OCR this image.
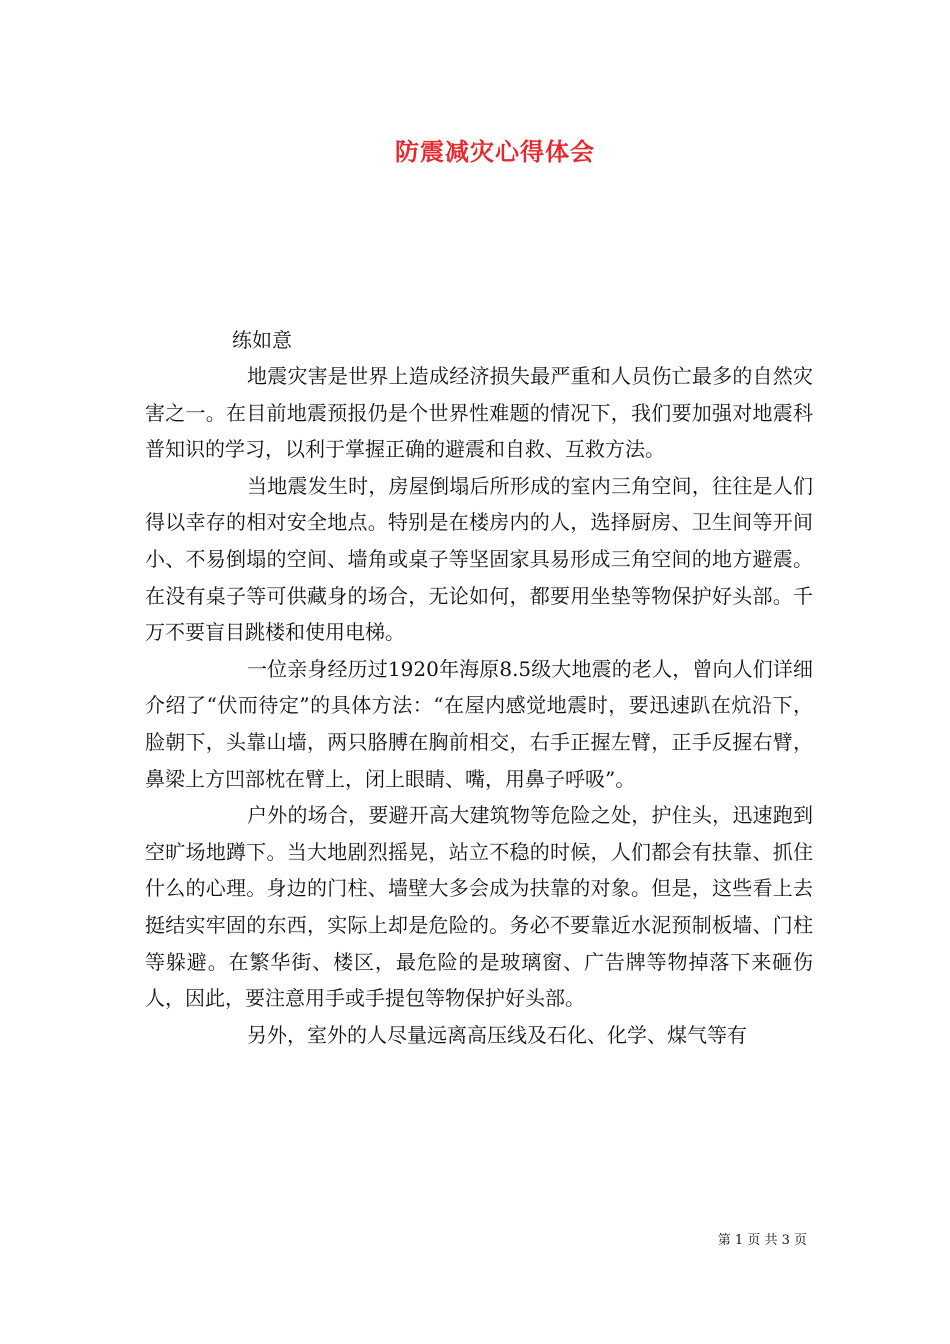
防震减灾心得体会
练如意

地震灾害是世界上造成经济损失最严重和人员伤亡最多的自然灾害之一。在目前地震预报仍是个世界性难题的情况下，我们要加强对地震科普知识的学习，以利于掌握正确的避震和自救、互救方法。

当地震发生时，房屋倒塌后所形成的室内三角空间，往往是人们得以幸存的相对安全地点。特别是在楼房内的人，选择厨房、卫生间等开间小、不易倒塌的空间、墙角或桌子等坚固家具易形成三角空间的地方避震。在没有桌子等可供藏身的场合，无论如何，都要用坐垫等物保护好头部。千万不要盲目跳楼和使用电梯。

一位亲身经历过1920年海原8.5级大地震的老人，曾向人们详细介绍了“伏而待定”的具体方法：“在屋内感觉地震时，要迅速趴在炕沿下，脸朝下，头靠山墙，两只胳膊在胸前相交，右手正握左臂，正手反握右臂，鼻梁上方凹部枕在臂上，闭上眼睛、嘴，用鼻子呼吸”。

户外的场合，要避开高大建筑物等危险之处，护住头，迅速跑到空旷场地蹲下。当大地剧烈摇晃，站立不稳的时候，人们都会有扶靠、抓住什么的心理。身边的门柱、墙壁大多会成为扶靠的对象。但是，这些看上去挺结实牢固的东西，实际上却是危险的。务必不要靠近水泥预制板墙、门柱等躲避。在繁华街、楼区，最危险的是玻璃窗、广告牌等物掉落下来砸伤人，因此，要注意用手或手提包等物保护好头部。

另外，室外的人尽量远离高压线及石化、化学、煤气等有

第 1 页 共 3 页
